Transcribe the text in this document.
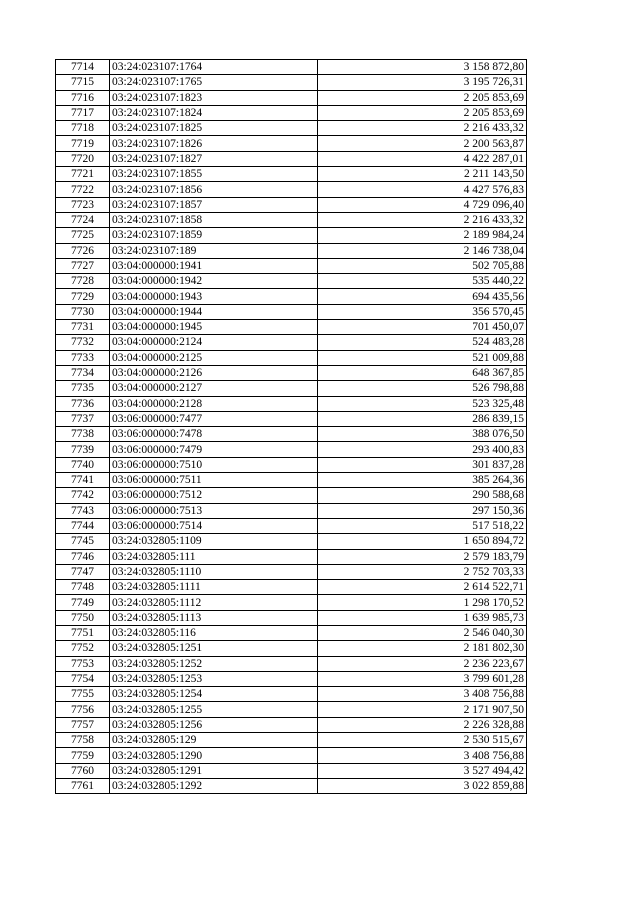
7714	03:24:023107:1764	3 158 872,80
7715	03:24:023107:1765	3 195 726,31
7716	03:24:023107:1823	2 205 853,69
7717	03:24:023107:1824	2 205 853,69
7718	03:24:023107:1825	2 216 433,32
7719	03:24:023107:1826	2 200 563,87
7720	03:24:023107:1827	4 422 287,01
7721	03:24:023107:1855	2 211 143,50
7722	03:24:023107:1856	4 427 576,83
7723	03:24:023107:1857	4 729 096,40
7724	03:24:023107:1858	2 216 433,32
7725	03:24:023107:1859	2 189 984,24
7726	03:24:023107:189	2 146 738,04
7727	03:04:000000:1941	502 705,88
7728	03:04:000000:1942	535 440,22
7729	03:04:000000:1943	694 435,56
7730	03:04:000000:1944	356 570,45
7731	03:04:000000:1945	701 450,07
7732	03:04:000000:2124	524 483,28
7733	03:04:000000:2125	521 009,88
7734	03:04:000000:2126	648 367,85
7735	03:04:000000:2127	526 798,88
7736	03:04:000000:2128	523 325,48
7737	03:06:000000:7477	286 839,15
7738	03:06:000000:7478	388 076,50
7739	03:06:000000:7479	293 400,83
7740	03:06:000000:7510	301 837,28
7741	03:06:000000:7511	385 264,36
7742	03:06:000000:7512	290 588,68
7743	03:06:000000:7513	297 150,36
7744	03:06:000000:7514	517 518,22
7745	03:24:032805:1109	1 650 894,72
7746	03:24:032805:111	2 579 183,79
7747	03:24:032805:1110	2 752 703,33
7748	03:24:032805:1111	2 614 522,71
7749	03:24:032805:1112	1 298 170,52
7750	03:24:032805:1113	1 639 985,73
7751	03:24:032805:116	2 546 040,30
7752	03:24:032805:1251	2 181 802,30
7753	03:24:032805:1252	2 236 223,67
7754	03:24:032805:1253	3 799 601,28
7755	03:24:032805:1254	3 408 756,88
7756	03:24:032805:1255	2 171 907,50
7757	03:24:032805:1256	2 226 328,88
7758	03:24:032805:129	2 530 515,67
7759	03:24:032805:1290	3 408 756,88
7760	03:24:032805:1291	3 527 494,42
7761	03:24:032805:1292	3 022 859,88
